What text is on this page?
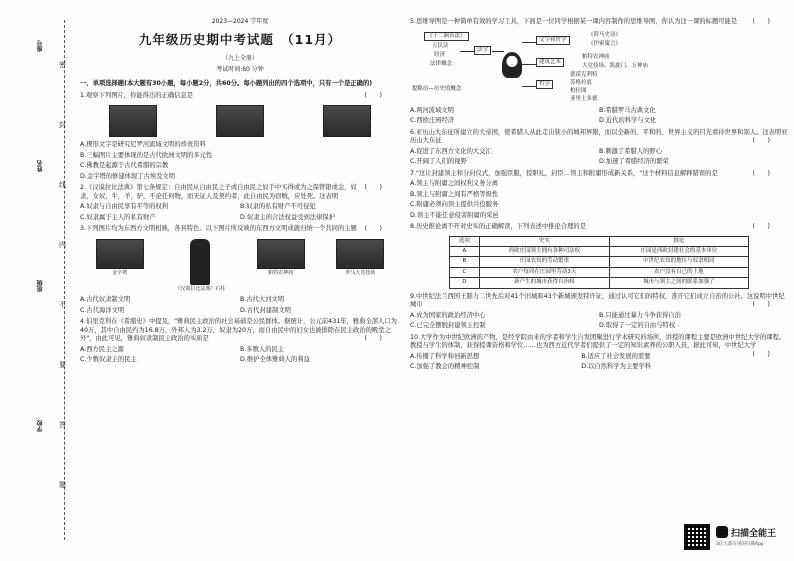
座号
姓名
班级
学校
密
封
线
内
不
要
答
题
2023—2024 学年度
九年级历史期中考试题　（11月）
（九上全册）
考试时间:60 分钟
一、单项选择题(本大题有30小题，每小题2分，共60分。每小题列出的四个选项中，只有一个是正确的)
(　　)
1.观察下列图片，你能得出的正确信息是
A.楔形文字是研究尼罗河流域文明的珍贵资料
B.三幅图片主要体现的是古代欧洲文明的多元性
C.佛教是起源于古代希腊的宗教
D.金字塔的修建体现了古埃及文明
(　　)
2.《汉谟拉比法典》第七条规定：自由民从自由民之子或自由民之奴手中买得或为之保管银或金，奴隶，女奴，牛，羊，驴，不论任何物，而无证人及契约者，此自由民为窃贼，应处死。这表明
A.奴隶与自由民享有平等的权利	B.奴隶的私有财产不可侵犯
C.奴隶属于主人的私有财产	D.奴隶主的合法权益受到法律保护
(　　)
3.下列图片均为东西方文明相映，各具特色。以下图片所反映的东西方文明成就归纳一个共同的主题
金字塔
《汉谟拉比法典》石柱
帕特农神庙	罗马大竞技场
A.古代奴隶制文明	B.古代大河文明
C.古代海洋文明	D.古代封建制文明
4.伯里克利在《希腊史》中提及，"雅典民主政治的社会基础是公民群体。据统计，公元前431年，雅典全部人口为40万，其中自由民约为16.8万，外邦人为3.2万，奴隶为20万，而自由民中的妇女也被排除在民主政治的殿堂之外"，由此可见，雅典奴隶制民主政治的实质是	(　　)
A.西方民主之源	B.多数人的民主
C.少数奴隶主的民主	D.维护全体雅典人的利益
5.思维导图是一种简单有效的学习工具，下面是一位同学根据某一课内容制作的思维导图，你认为这一课的标题可能是 (　　)
《十二铜表法》
万民法
经济
法律概念
法学
提略历—历史的概念
文字和哲学
《荷马史诗》
《伊索寓言》
建筑艺术
帕特农神庙
大竞技场、凯旋门、万神庙
哲学
德谟克利特
苏格拉底
柏拉图
亚里士多德
A.两河流域文明	B.希腊罗马古典文化
C.西欧庄园经济	D.近代的科学与文化
6.亚历山大东征所建立的大帝国，使希腊人从此走出狭小的城邦界限，而以全新的、平和的、世界主义的目光看待世界和别人。这表明亚历山大东征	(　　)
A.促进了东西方文化的大交汇	B.刺激了希腊人的野心
C.开阔了人们的视野	D.加速了希腊经济的繁荣
7."这让封建领主和分封仪式，加强臣服，授职礼，封臣…领主和附庸形成新关系，"这个材料信息解释错误的是	(　　)
A.领主与附庸之间权利义务分离
B.领主与附庸之间有严格等级性
C.附庸必须向领主提供兵役服务
D.领主不能任意侵害附庸的采邑
(　　)
8.历史推论离不开对史实的正确解读，下列表述中推论合理的是
选项	史实	推论
A	西欧庄园领主拥有各种司法权	庄园是西欧封建社会的基本单位
B	庄园农奴的劳动繁重	中世纪农奴的地位与奴隶相同
C	农户每周在庄园里劳动3天	农户没有自己的土地
D	新产生的城市获得自治权	城市与领主之间的联系加强了
9.中世纪法兰西国王腓力二世先后对41个旧城和43个新城颁发特许证，通过认可它们的特权，准许它们成立自治的公社。这说明中世纪城市	(　　)
A.成为国家的政治经济中心	B.只能通过暴力斗争获得自治
C.已完全摆脱封建领主控制	D.取得了一定的自由与特权
10.大学作为中世纪欧洲的产物，是经学院由来的学者和学生自发团聚进行学术研究的场所，讲授的课程主要是欧洲中世纪大学的课程。教授与学生的体制，获得授课资格和学位……也为西方近代学者们提供了一定的知识素养的公职人员，据此可知，中世纪大学
(　　)
A.传播了科学和创新思想	B.适应了社会发展的需要
C.加强了教会的精神控制	D.以自然科学为主要学科
扫描全能王
3亿人都在用的扫描App
